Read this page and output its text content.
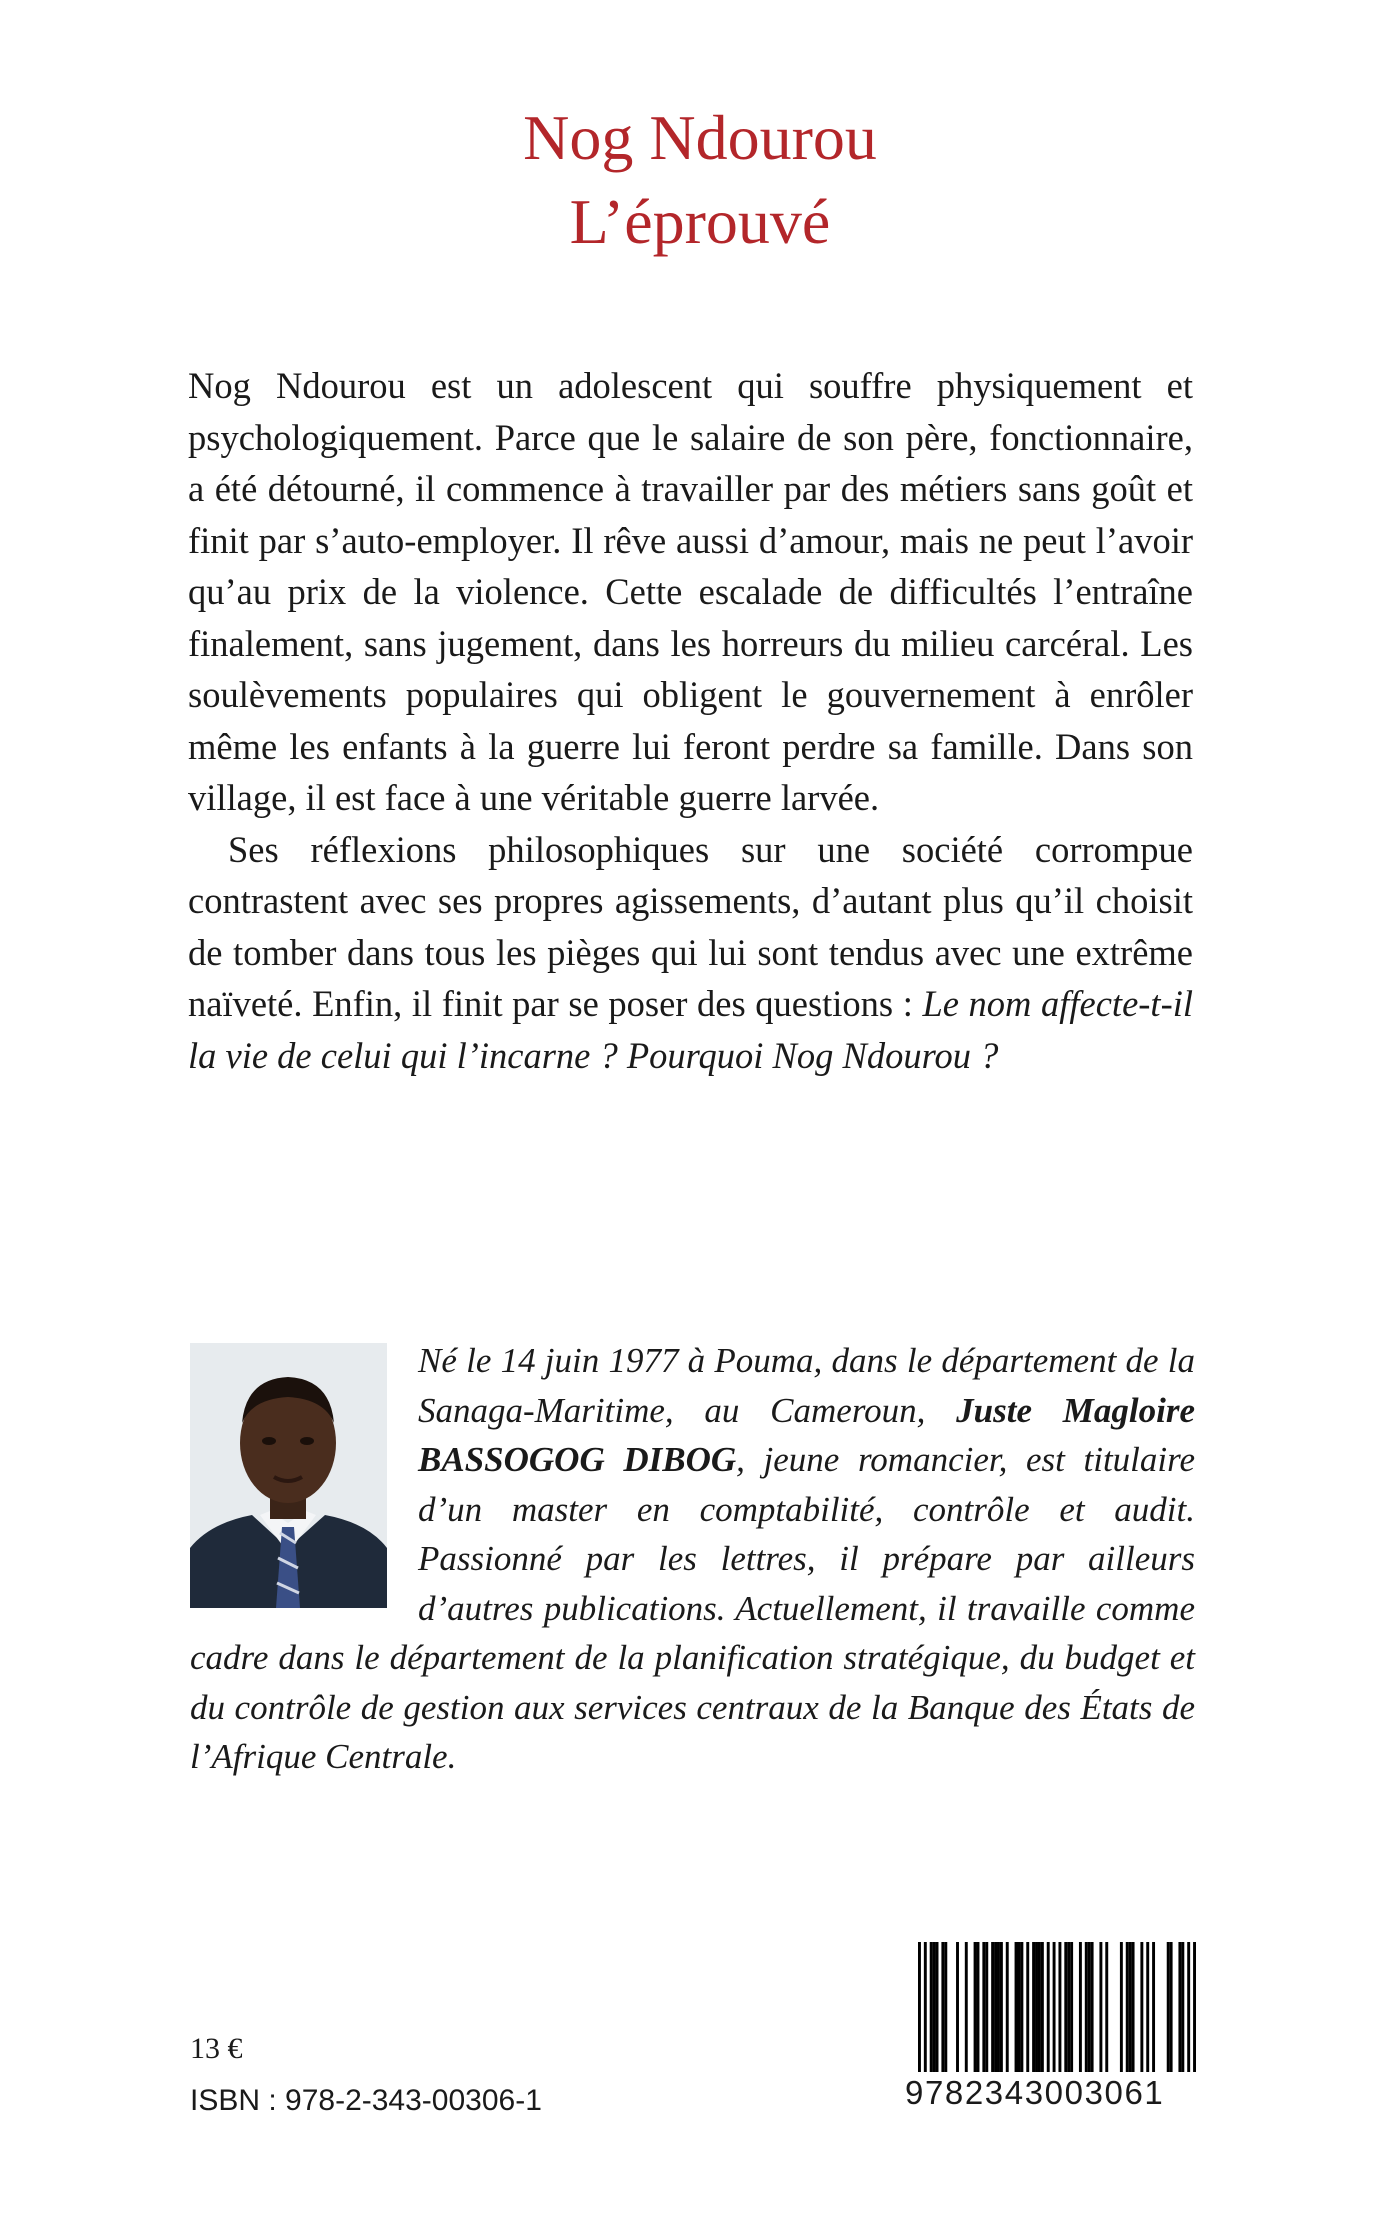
Nog Ndourou
L’éprouvé

Nog Ndourou est un adolescent qui souffre physiquement et psychologiquement. Parce que le salaire de son père, fonctionnaire, a été détourné, il commence à travailler par des métiers sans goût et finit par s’auto-employer. Il rêve aussi d’amour, mais ne peut l’avoir qu’au prix de la violence. Cette escalade de difficultés l’entraîne finalement, sans jugement, dans les horreurs du milieu carcéral. Les soulèvements populaires qui obligent le gouvernement à enrôler même les enfants à la guerre lui feront perdre sa famille. Dans son village, il est face à une véritable guerre larvée.

Ses réflexions philosophiques sur une société corrompue contrastent avec ses propres agissements, d’autant plus qu’il choisit de tomber dans tous les pièges qui lui sont tendus avec une extrême naïveté. Enfin, il finit par se poser des questions : Le nom affecte-t-il la vie de celui qui l’incarne ? Pourquoi Nog Ndourou ?

Né le 14 juin 1977 à Pouma, dans le département de la Sanaga-Maritime, au Cameroun, Juste Magloire BASSOGOG DIBOG, jeune romancier, est titulaire d’un master en comptabilité, contrôle et audit. Passionné par les lettres, il prépare par ailleurs d’autres publications. Actuellement, il travaille comme cadre dans le département de la planification stratégique, du budget et du contrôle de gestion aux services centraux de la Banque des États de l’Afrique Centrale.

13 €
ISBN : 978-2-343-00306-1	9782343003061
